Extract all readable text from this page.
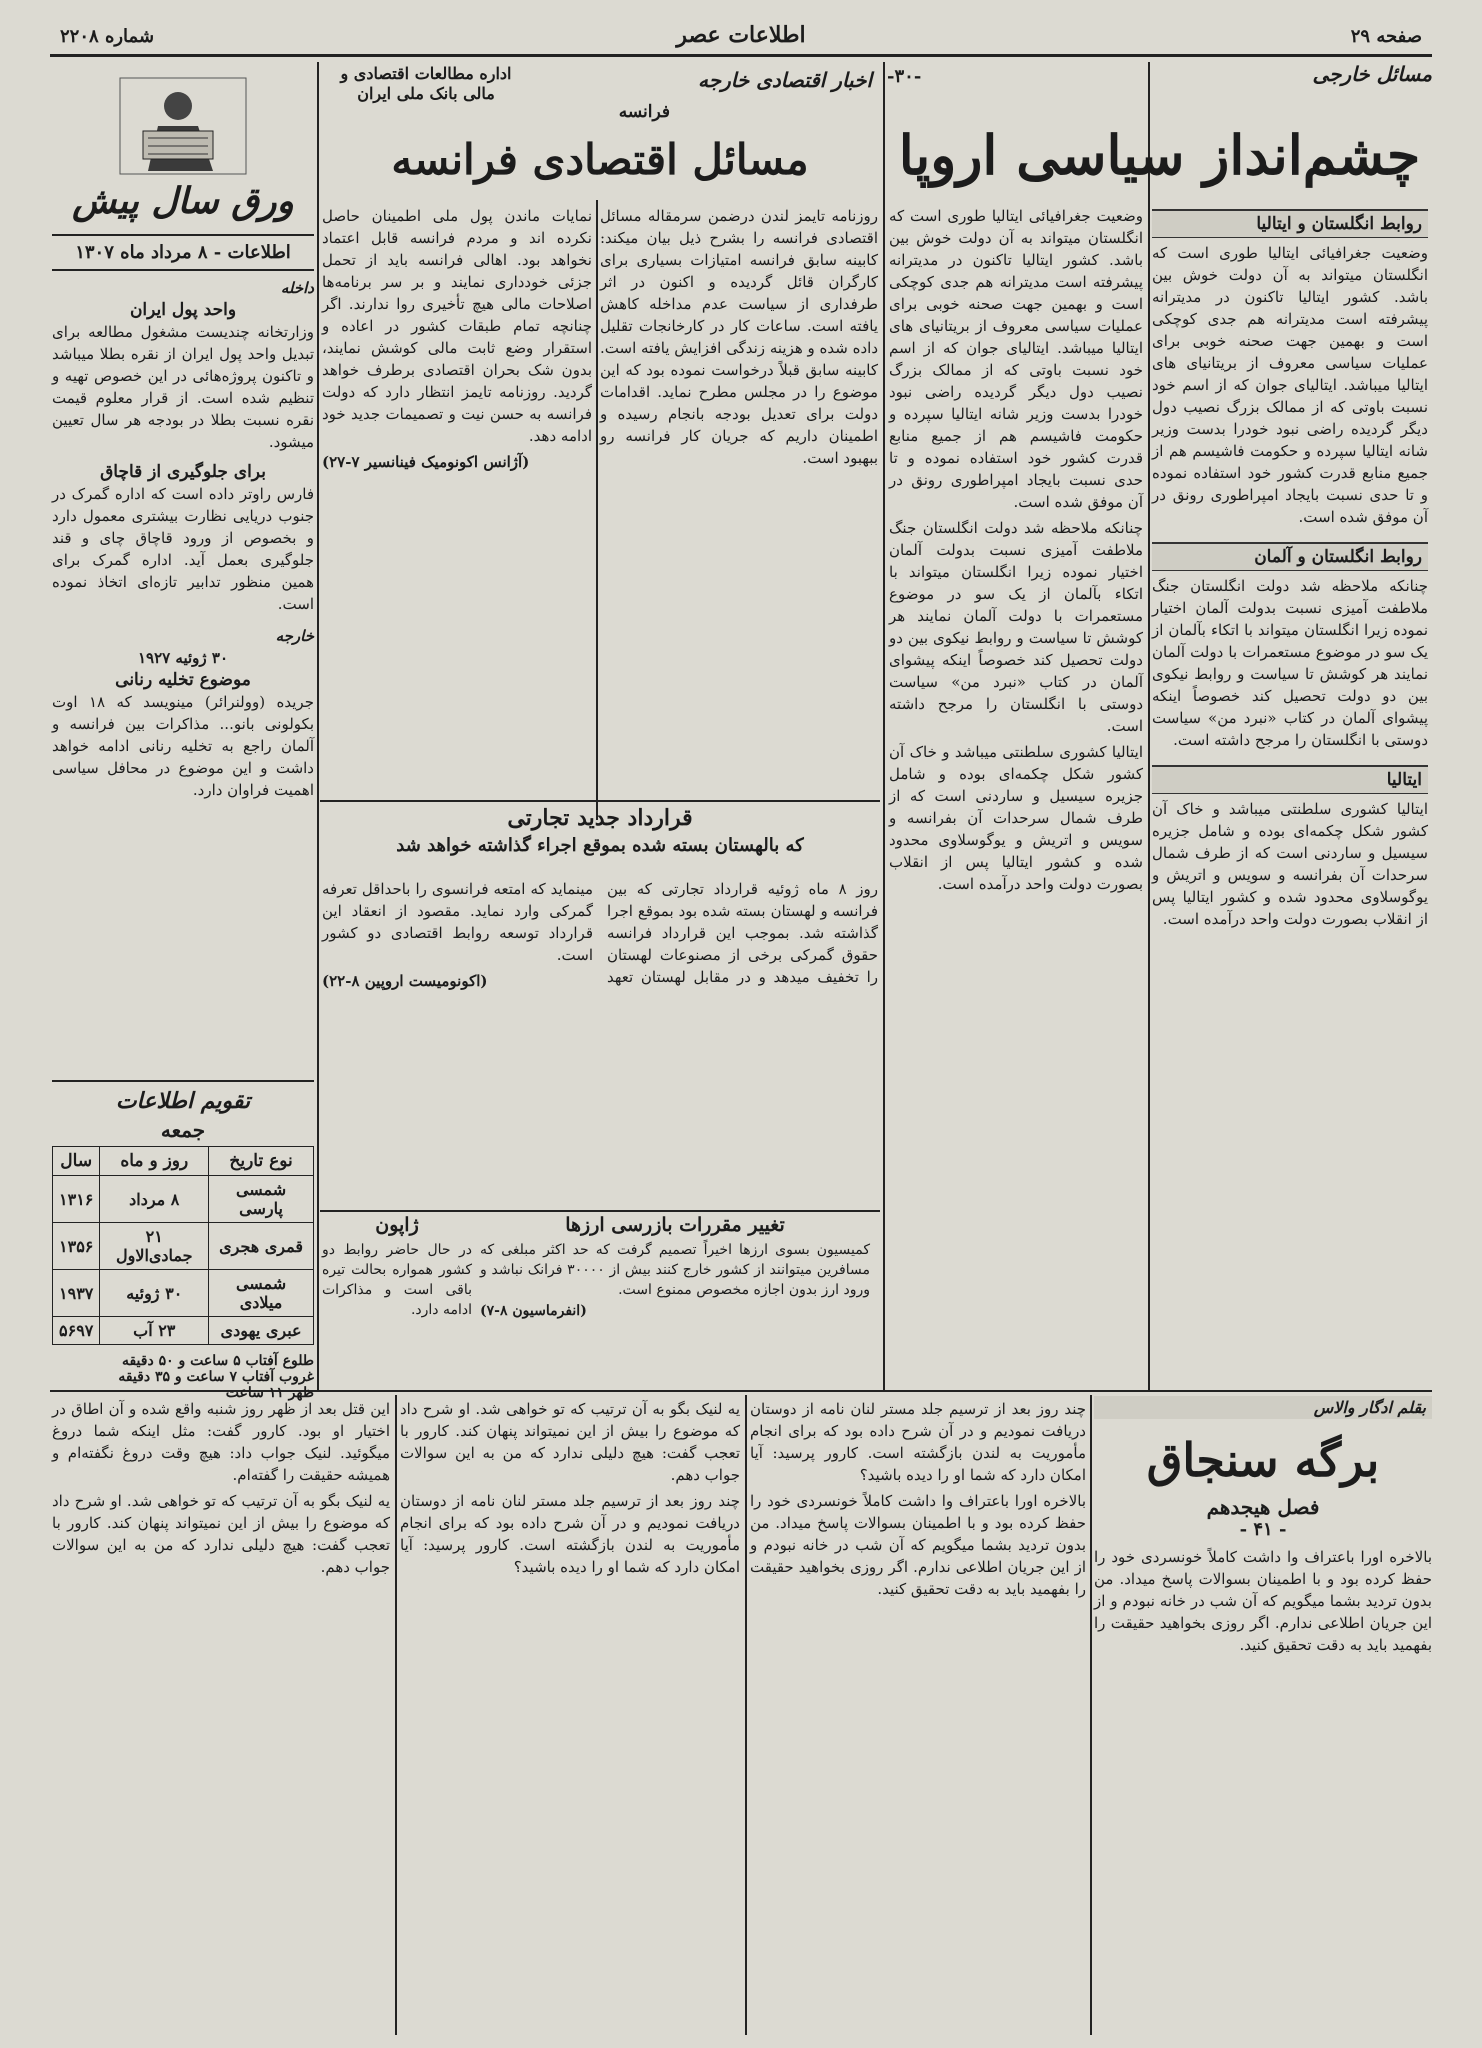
صفحه ۲۹
اطلاعات عصر
شماره ۲۲۰۸
مسائل خارجی
-۳۰-
چشم‌انداز سیاسی اروپا
روابط انگلستان و ایتالیا

وضعیت جغرافیائی ایتالیا طوری است که انگلستان میتواند به آن دولت خوش بین باشد. کشور ایتالیا تاکنون در مدیترانه پیشرفته است مدیترانه هم جدی کوچکی است و بهمین جهت صحنه خوبی برای عملیات سیاسی معروف از بریتانیای های ایتالیا میباشد. ایتالیای جوان که از اسم خود نسبت باوتی که از ممالک بزرگ نصیب دول دیگر گردیده راضی نبود خودرا بدست وزیر شانه ایتالیا سپرده و حکومت فاشیسم هم از جمیع منابع قدرت کشور خود استفاده نموده و تا حدی نسبت بایجاد امپراطوری رونق در آن موفق شده است.

روابط انگلستان و آلمان

چنانکه ملاحظه شد دولت انگلستان جنگ ملاطفت آمیزی نسبت بدولت آلمان اختیار نموده زیرا انگلستان میتواند با اتکاء بآلمان از یک سو در موضوع مستعمرات با دولت آلمان نمایند هر کوشش تا سیاست و روابط نیکوی بین دو دولت تحصیل کند خصوصاً اینکه پیشوای آلمان در کتاب «نبرد من» سیاست دوستی با انگلستان را مرجح داشته است.

ایتالیا

ایتالیا کشوری سلطنتی میباشد و خاک آن کشور شکل چکمه‌ای بوده و شامل جزیره سیسیل و ساردنی است که از طرف شمال سرحدات آن بفرانسه و سویس و اتریش و یوگوسلاوی محدود شده و کشور ایتالیا پس از انقلاب بصورت دولت واحد درآمده است.

وضعیت جغرافیائی ایتالیا طوری است که انگلستان میتواند به آن دولت خوش بین باشد. کشور ایتالیا تاکنون در مدیترانه پیشرفته است مدیترانه هم جدی کوچکی است و بهمین جهت صحنه خوبی برای عملیات سیاسی معروف از بریتانیای های ایتالیا میباشد. ایتالیای جوان که از اسم خود نسبت باوتی که از ممالک بزرگ نصیب دول دیگر گردیده راضی نبود خودرا بدست وزیر شانه ایتالیا سپرده و حکومت فاشیسم هم از جمیع منابع قدرت کشور خود استفاده نموده و تا حدی نسبت بایجاد امپراطوری رونق در آن موفق شده است.

چنانکه ملاحظه شد دولت انگلستان جنگ ملاطفت آمیزی نسبت بدولت آلمان اختیار نموده زیرا انگلستان میتواند با اتکاء بآلمان از یک سو در موضوع مستعمرات با دولت آلمان نمایند هر کوشش تا سیاست و روابط نیکوی بین دو دولت تحصیل کند خصوصاً اینکه پیشوای آلمان در کتاب «نبرد من» سیاست دوستی با انگلستان را مرجح داشته است.

ایتالیا کشوری سلطنتی میباشد و خاک آن کشور شکل چکمه‌ای بوده و شامل جزیره سیسیل و ساردنی است که از طرف شمال سرحدات آن بفرانسه و سویس و اتریش و یوگوسلاوی محدود شده و کشور ایتالیا پس از انقلاب بصورت دولت واحد درآمده است.

اخبار اقتصادی خارجه
اداره مطالعات اقتصادی و مالی بانک ملی ایران
فرانسه
مسائل اقتصادی فرانسه

روزنامه تایمز لندن درضمن سرمقاله مسائل اقتصادی فرانسه را بشرح ذیل بیان میکند: کابینه سابق فرانسه امتیازات بسیاری برای کارگران قائل گردیده و اکنون در اثر طرفداری از سیاست عدم مداخله کاهش یافته است. ساعات کار در کارخانجات تقلیل داده شده و هزینه زندگی افزایش یافته است. کابینه سابق قبلاً درخواست نموده بود که این موضوع را در مجلس مطرح نماید. اقدامات دولت برای تعدیل بودجه بانجام رسیده و اطمینان داریم که جریان کار فرانسه رو ببهبود است.

نمایات ماندن پول ملی اطمینان حاصل نکرده اند و مردم فرانسه قابل اعتماد نخواهد بود. اهالی فرانسه باید از تحمل جزئی خودداری نمایند و بر سر برنامه‌ها اصلاحات مالی هیچ تأخیری روا ندارند. اگر چنانچه تمام طبقات کشور در اعاده و استقرار وضع ثابت مالی کوشش نمایند، بدون شک بحران اقتصادی برطرف خواهد گردید. روزنامه تایمز انتظار دارد که دولت فرانسه به حسن نیت و تصمیمات جدید خود ادامه دهد.

(آژانس اکونومیک فینانسیر ۷-۲۷)

قرارداد جدید تجارتی
که بالهستان بسته شده بموقع اجراء گذاشته خواهد شد

روز ۸ ماه ژوئیه قرارداد تجارتی که بین فرانسه و لهستان بسته شده بود بموقع اجرا گذاشته شد. بموجب این قرارداد فرانسه حقوق گمرکی برخی از مصنوعات لهستان را تخفیف میدهد و در مقابل لهستان تعهد مینماید که امتعه فرانسوی را باحداقل تعرفه گمرکی وارد نماید. مقصود از انعقاد این قرارداد توسعه روابط اقتصادی دو کشور است.

(اکونومیست اروپین ۸-۲۲)

تغییر مقررات بازرسی ارزها
کمیسیون بسوی ارزها اخیراً تصمیم گرفت که حد اکثر مبلغی که مسافرین میتوانند از کشور خارج کنند بیش از ۳۰۰۰۰ فرانک نباشد و ورود ارز بدون اجازه مخصوص ممنوع است.
(انفرماسیون ۸-۷)
ژاپون
در حال حاضر روابط دو کشور همواره بحالت تیره باقی است و مذاکرات ادامه دارد.
ورق سال پیش
اطلاعات - ۸ مرداد ماه ۱۳۰۷
داخله
واحد پول ایران

وزارتخانه چندیست مشغول مطالعه برای تبدیل واحد پول ایران از نقره بطلا میباشد و تاکنون پروژه‌هائی در این خصوص تهیه و تنظیم شده است. از قرار معلوم قیمت نقره نسبت بطلا در بودجه هر سال تعیین میشود.

برای جلوگیری از قاچاق

فارس راوتر داده است که اداره گمرک در جنوب دریایی نظارت بیشتری معمول دارد و بخصوص از ورود قاچاق چای و قند جلوگیری بعمل آید. اداره گمرک برای همین منظور تدابیر تازه‌ای اتخاذ نموده است.

خارجه
۳۰ ژوئیه ۱۹۲۷
موضوع تخلیه رنانی

جریده (وولنرائر) مینویسد که ۱۸ اوت بکولونی بانو... مذاکرات بین فرانسه و آلمان راجع به تخلیه رنانی ادامه خواهد داشت و این موضوع در محافل سیاسی اهمیت فراوان دارد.

تقویم اطلاعات
جمعه
نوع تاریخ	روز و ماه	سال
شمسی پارسی	۸ مرداد	۱۳۱۶
قمری هجری	۲۱ جمادی‌الاول	۱۳۵۶
شمسی میلادی	۳۰ ژوئیه	۱۹۳۷
عبری یهودی	۲۳ آب	۵۶۹۷
طلوع آفتاب ۵ ساعت و ۵۰ دقیقه
غروب آفتاب ۷ ساعت و ۳۵ دقیقه
ظهر ۱۱ ساعت
بقلم ادگار والاس
برگه سنجاق
فصل هیجدهم
- ۴۱ -
بالاخره اورا باعتراف وا داشت کاملاً خونسردی خود را حفظ کرده بود و با اطمینان بسوالات پاسخ میداد. من بدون تردید بشما میگویم که آن شب در خانه نبودم و از این جریان اطلاعی ندارم. اگر روزی بخواهید حقیقت را بفهمید باید به دقت تحقیق کنید.

چند روز بعد از ترسیم جلد مستر لنان نامه از دوستان دریافت نمودیم و در آن شرح داده بود که برای انجام مأموریت به لندن بازگشته است. کارور پرسید: آیا امکان دارد که شما او را دیده باشید؟

بالاخره اورا باعتراف وا داشت کاملاً خونسردی خود را حفظ کرده بود و با اطمینان بسوالات پاسخ میداد. من بدون تردید بشما میگویم که آن شب در خانه نبودم و از این جریان اطلاعی ندارم. اگر روزی بخواهید حقیقت را بفهمید باید به دقت تحقیق کنید.

یه لنیک بگو به آن ترتیب که تو خواهی شد. او شرح داد که موضوع را بیش از این نمیتواند پنهان کند. کارور با تعجب گفت: هیچ دلیلی ندارد که من به این سوالات جواب دهم.

چند روز بعد از ترسیم جلد مستر لنان نامه از دوستان دریافت نمودیم و در آن شرح داده بود که برای انجام مأموریت به لندن بازگشته است. کارور پرسید: آیا امکان دارد که شما او را دیده باشید؟

این قتل بعد از ظهر روز شنبه واقع شده و آن اطاق در اختیار او بود. کارور گفت: مثل اینکه شما دروغ میگوئید. لنیک جواب داد: هیچ وقت دروغ نگفته‌ام و همیشه حقیقت را گفته‌ام.

یه لنیک بگو به آن ترتیب که تو خواهی شد. او شرح داد که موضوع را بیش از این نمیتواند پنهان کند. کارور با تعجب گفت: هیچ دلیلی ندارد که من به این سوالات جواب دهم.
